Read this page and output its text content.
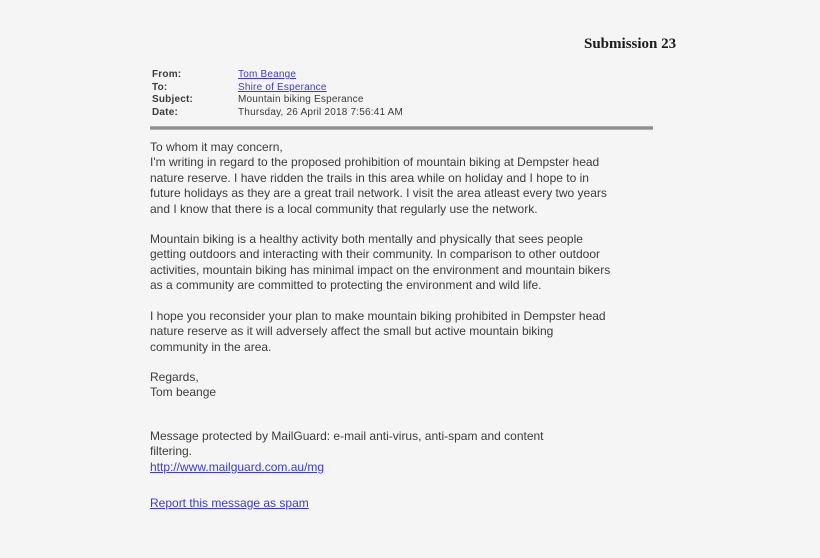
Submission 23
From:	Tom Beange
To:	Shire of Esperance
Subject:	Mountain biking Esperance
Date:	Thursday, 26 April 2018 7:56:41 AM
To whom it may concern,
I'm writing in regard to the proposed prohibition of mountain biking at Dempster head
nature reserve. I have ridden the trails in this area while on holiday and I hope to in
future holidays as they are a great trail network. I visit the area atleast every two years
and I know that there is a local community that regularly use the network.
Mountain biking is a healthy activity both mentally and physically that sees people
getting outdoors and interacting with their community. In comparison to other outdoor
activities, mountain biking has minimal impact on the environment and mountain bikers
as a community are committed to protecting the environment and wild life.
I hope you reconsider your plan to make mountain biking prohibited in Dempster head
nature reserve as it will adversely affect the small but active mountain biking
community in the area.
Regards,
Tom beange
Message protected by MailGuard: e-mail anti-virus, anti-spam and content
filtering.
http://www.mailguard.com.au/mg
Report this message as spam
